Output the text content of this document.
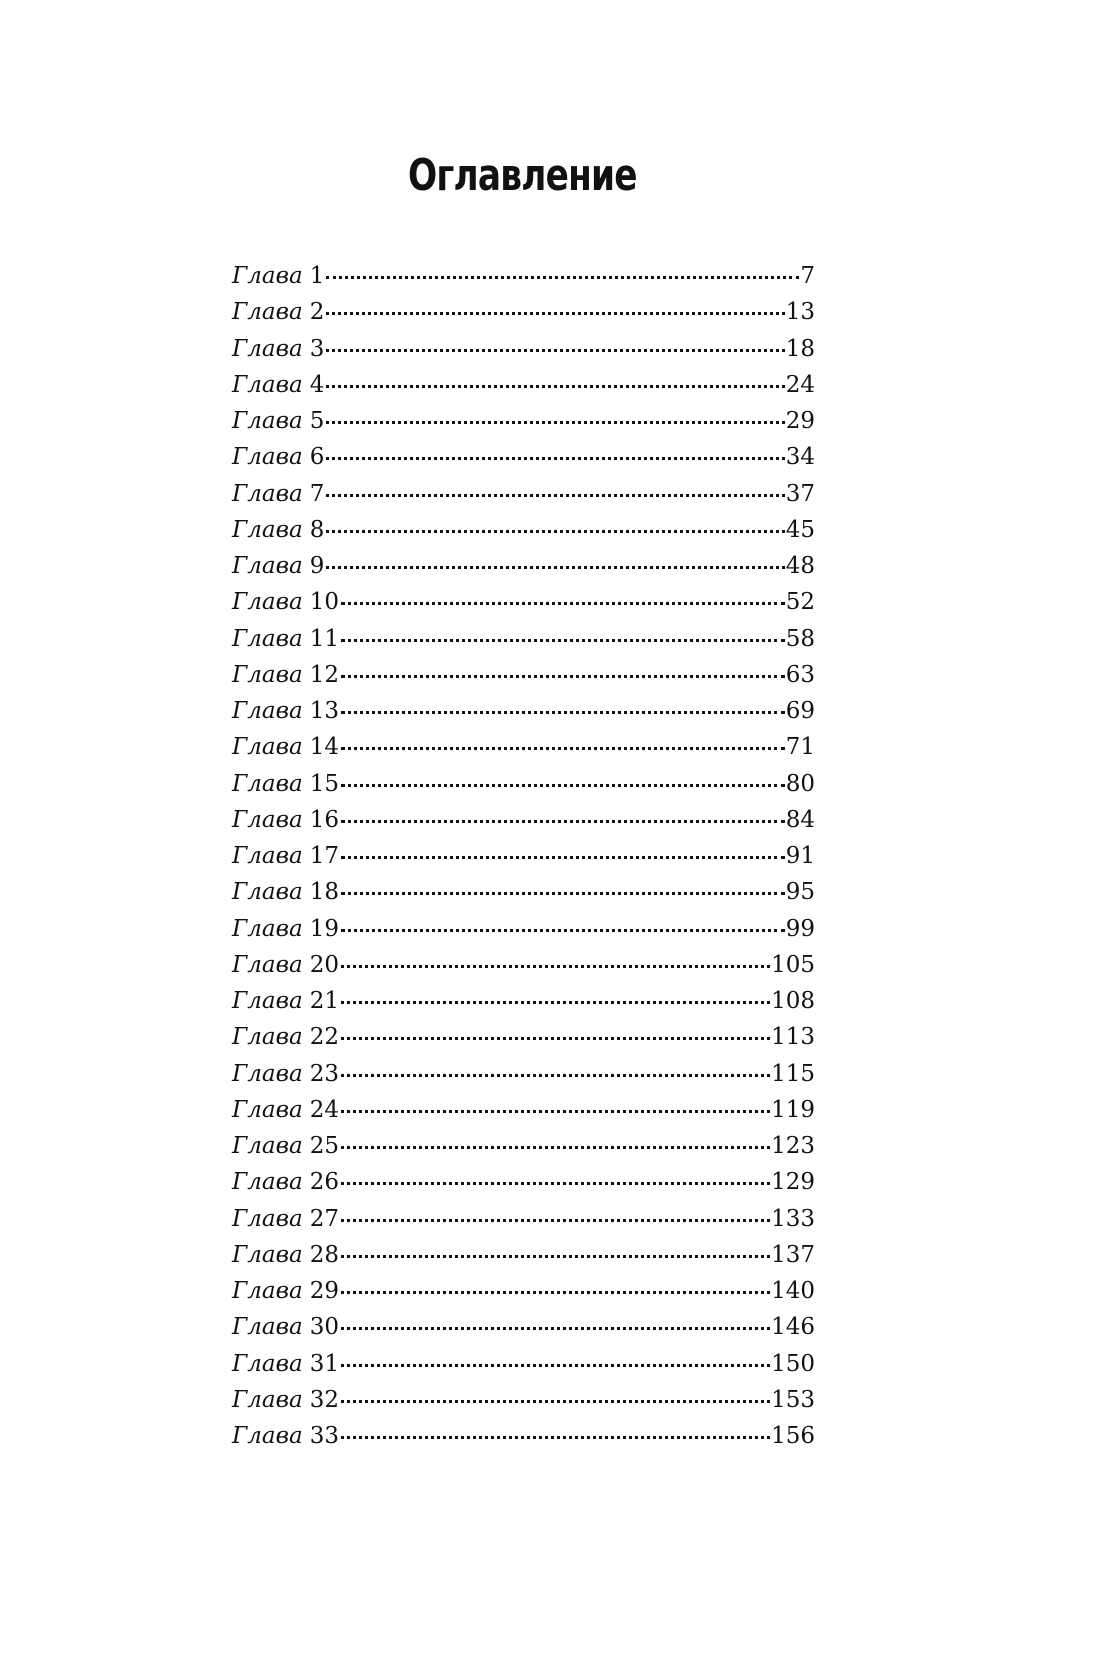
Оглавление
Глава 1	7
Глава 2	13
Глава 3	18
Глава 4	24
Глава 5	29
Глава 6	34
Глава 7	37
Глава 8	45
Глава 9	48
Глава 10	52
Глава 11	58
Глава 12	63
Глава 13	69
Глава 14	71
Глава 15	80
Глава 16	84
Глава 17	91
Глава 18	95
Глава 19	99
Глава 20	105
Глава 21	108
Глава 22	113
Глава 23	115
Глава 24	119
Глава 25	123
Глава 26	129
Глава 27	133
Глава 28	137
Глава 29	140
Глава 30	146
Глава 31	150
Глава 32	153
Глава 33	156
